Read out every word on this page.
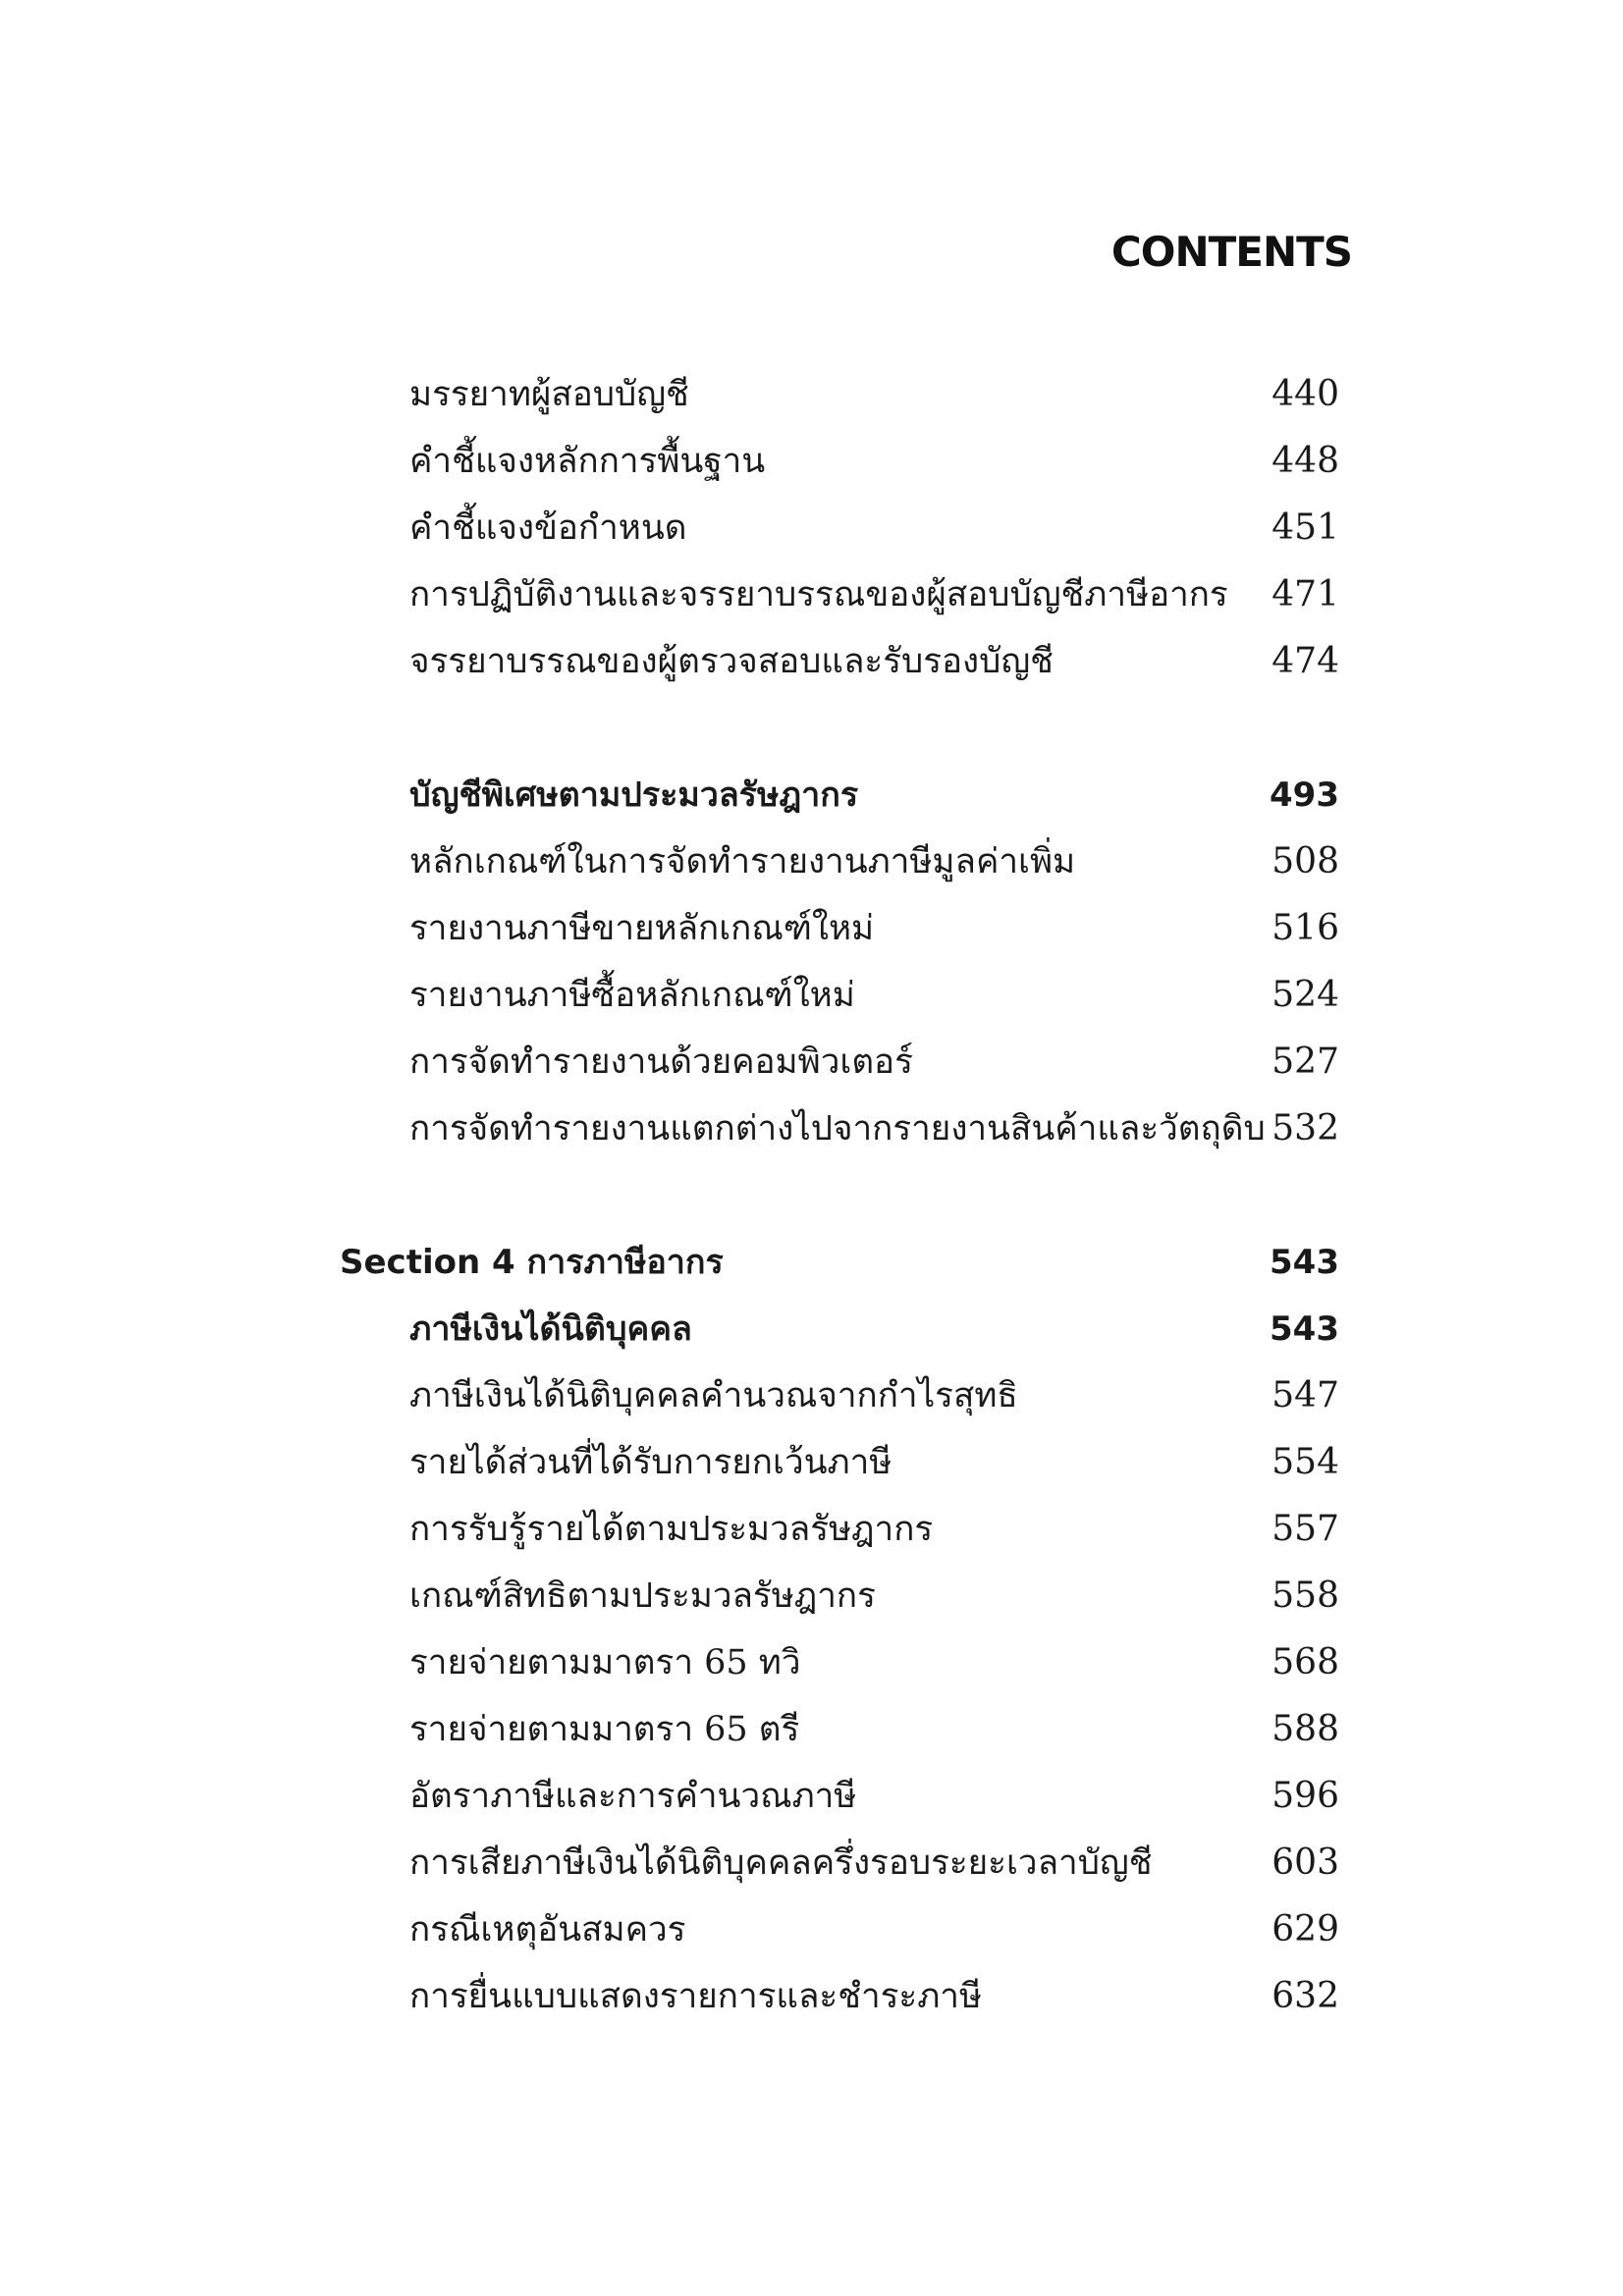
CONTENTS
มรรยาทผู้สอบบัญชี	440
คำชี้แจงหลักการพื้นฐาน	448
คำชี้แจงข้อกำหนด	451
การปฏิบัติงานและจรรยาบรรณของผู้สอบบัญชีภาษีอากร 471
จรรยาบรรณของผู้ตรวจสอบและรับรองบัญชี	474
บัญชีพิเศษตามประมวลรัษฎากร	493
หลักเกณฑ์ในการจัดทำรายงานภาษีมูลค่าเพิ่ม	508
รายงานภาษีขายหลักเกณฑ์ใหม่	516
รายงานภาษีซื้อหลักเกณฑ์ใหม่	524
การจัดทำรายงานด้วยคอมพิวเตอร์	527
การจัดทำรายงานแตกต่างไปจากรายงานสินค้าและวัตถุดิบ 532
Section 4 การภาษีอากร	543
ภาษีเงินได้นิติบุคคล	543
ภาษีเงินได้นิติบุคคลคำนวณจากกำไรสุทธิ	547
รายได้ส่วนที่ได้รับการยกเว้นภาษี	554
การรับรู้รายได้ตามประมวลรัษฎากร	557
เกณฑ์สิทธิตามประมวลรัษฎากร	558
รายจ่ายตามมาตรา 65 ทวิ	568
รายจ่ายตามมาตรา 65 ตรี	588
อัตราภาษีและการคำนวณภาษี	596
การเสียภาษีเงินได้นิติบุคคลครึ่งรอบระยะเวลาบัญชี	603
กรณีเหตุอันสมควร	629
การยื่นแบบแสดงรายการและชำระภาษี	632
